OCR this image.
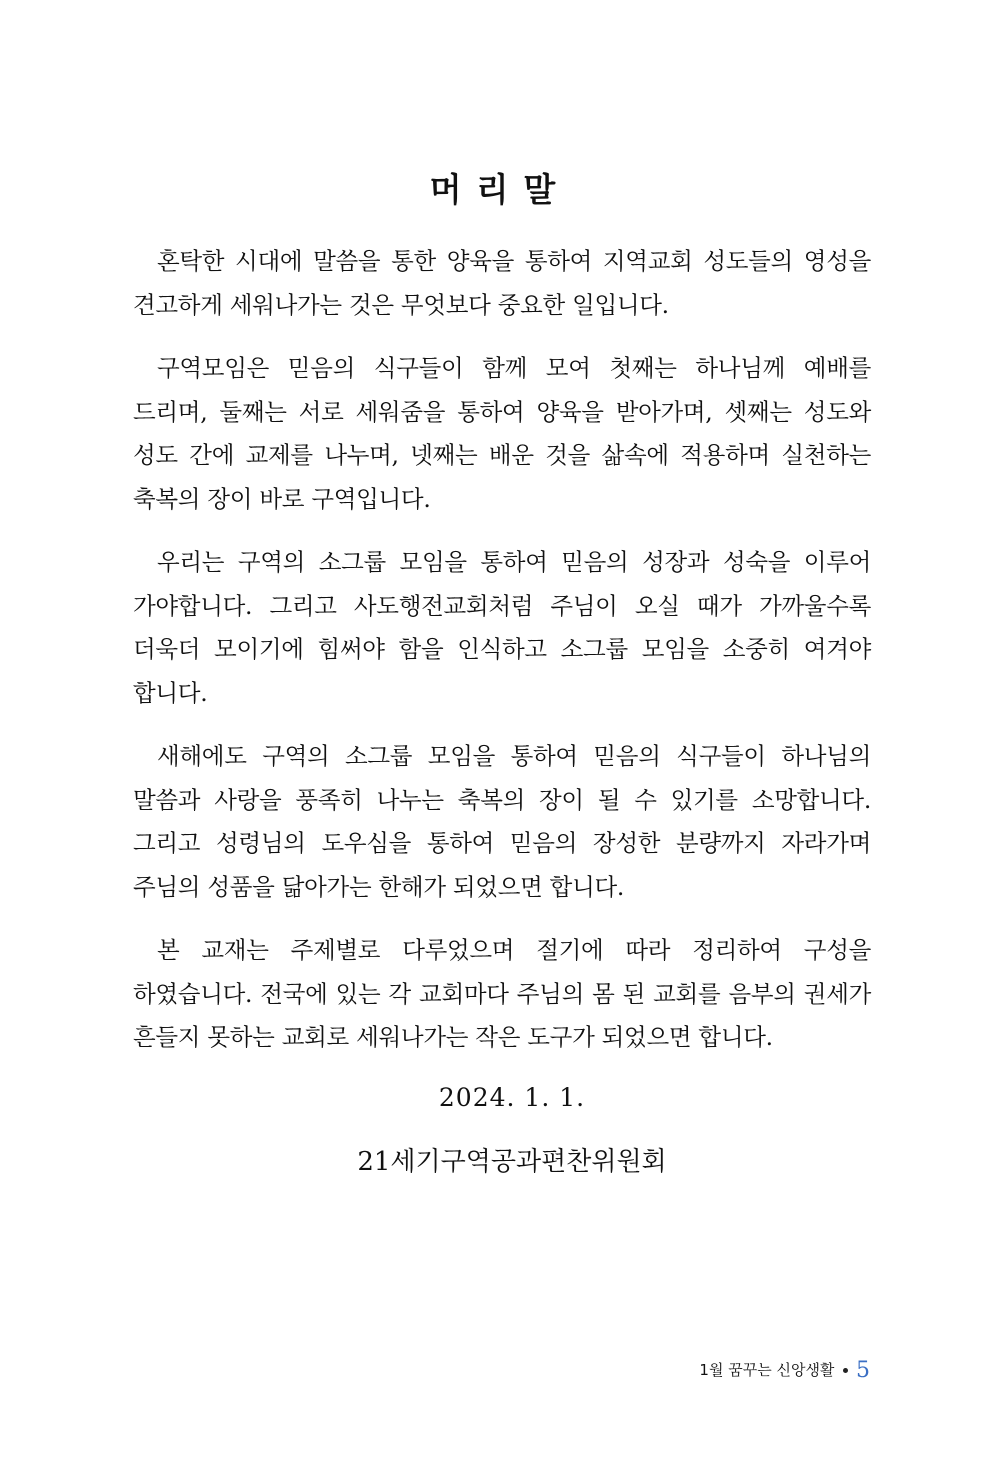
머리말

혼탁한 시대에 말씀을 통한 양육을 통하여 지역교회 성도들의 영성을 견고하게 세워나가는 것은 무엇보다 중요한 일입니다.

구역모임은 믿음의 식구들이 함께 모여 첫째는 하나님께 예배를 드리며, 둘째는 서로 세워줌을 통하여 양육을 받아가며, 셋째는 성도와 성도 간에 교제를 나누며, 넷째는 배운 것을 삶속에 적용하며 실천하는 축복의 장이 바로 구역입니다.

우리는 구역의 소그룹 모임을 통하여 믿음의 성장과 성숙을 이루어 가야합니다. 그리고 사도행전교회처럼 주님이 오실 때가 가까울수록 더욱더 모이기에 힘써야 함을 인식하고 소그룹 모임을 소중히 여겨야 합니다.

새해에도 구역의 소그룹 모임을 통하여 믿음의 식구들이 하나님의 말씀과 사랑을 풍족히 나누는 축복의 장이 될 수 있기를 소망합니다. 그리고 성령님의 도우심을 통하여 믿음의 장성한 분량까지 자라가며 주님의 성품을 닮아가는 한해가 되었으면 합니다.

본 교재는 주제별로 다루었으며 절기에 따라 정리하여 구성을 하였습니다. 전국에 있는 각 교회마다 주님의 몸 된 교회를 음부의 권세가 흔들지 못하는 교회로 세워나가는 작은 도구가 되었으면 합니다.

2024. 1. 1.
21세기구역공과편찬위원회
1월 꿈꾸는 신앙생활 5
